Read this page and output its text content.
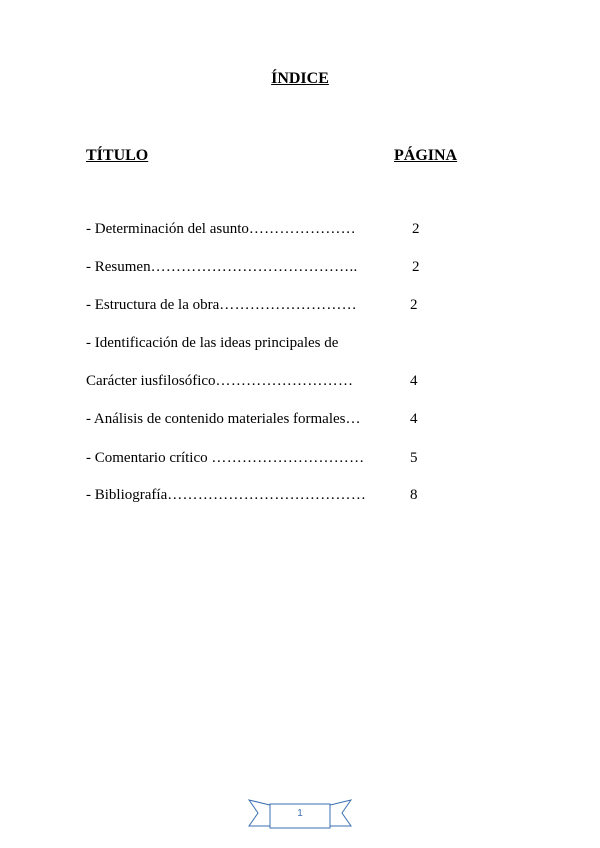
ÍNDICE
TÍTULO	PÁGINA
- Determinación del asunto…………………	2
- Resumen…………………………………..	2
- Estructura de la obra………………………	2
- Identificación de las ideas principales de
Carácter iusfilosófico………………………	4
- Análisis de contenido materiales formales…	4
- Comentario crítico …………………………	5
- Bibliografía…………………………………	8
1
